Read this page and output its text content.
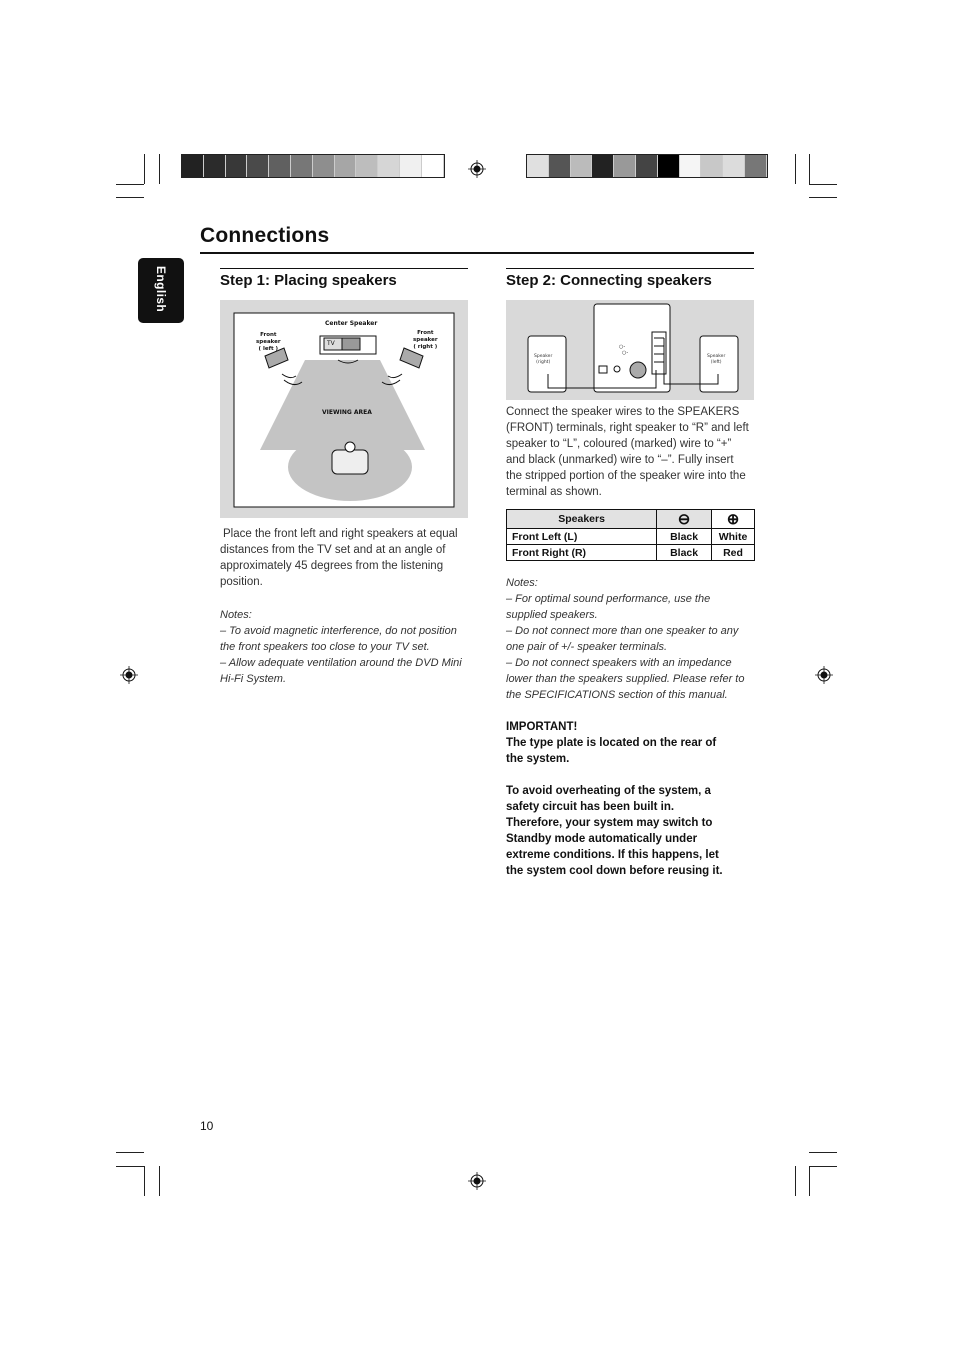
Connections
English	Step 1: Placing speakers
Center Speaker
TV
Front
speaker
( left )
Front
speaker
( right )
VIEWING AREA
Place the front left and right speakers at equal
distances from the TV set and at an angle of
approximately 45 degrees from the listening
position.
Notes:
– To avoid magnetic interference, do not position
the front speakers too close to your TV set.
– Allow adequate ventilation around the DVD Mini
Hi-Fi System.
Step 2: Connecting speakers
○-
○-
Speaker
(right)
Speaker
(left)
Connect the speaker wires to the SPEAKERS
(FRONT) terminals, right speaker to “R” and left
speaker to “L”, coloured (marked) wire to “+”
and black (unmarked) wire to “–”. Fully insert
the stripped portion of the speaker wire into the
terminal as shown.
Speakers	⊖	⊕
Front Left (L)	Black	White
Front Right (R)	Black	Red
Notes:
– For optimal sound performance, use the
supplied speakers.
– Do not connect more than one speaker to any
one pair of +/- speaker terminals.
– Do not connect speakers with an impedance
lower than the speakers supplied. Please refer to
the SPECIFICATIONS section of this manual.
IMPORTANT!
The type plate is located on the rear of
the system.
To avoid overheating of the system, a
safety circuit has been built in.
Therefore, your system may switch to
Standby mode automatically under
extreme conditions. If this happens, let
the system cool down before reusing it.
10
